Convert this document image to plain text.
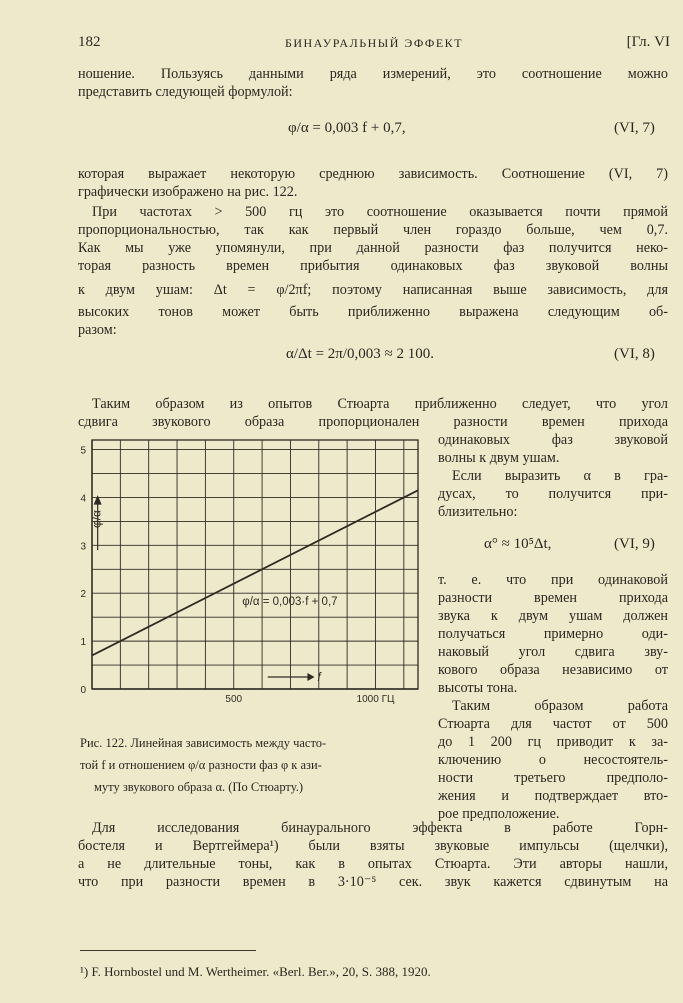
182	БИНАУРАЛЬНЫЙ ЭФФЕКТ	[Гл. VI
ношение. Пользуясь данными ряда измерений, это соотношение можно
представить следующей формулой:
φ/α = 0,003 f + 0,7,	(VI, 7)
которая выражает некоторую среднюю зависимость. Соотношение (VI, 7)
графически изображено на рис. 122.
При частотах > 500 гц это соотношение оказывается почти прямой
пропорциональностью, так как первый член гораздо больше, чем 0,7.
Как мы уже упомянули, при данной разности фаз получится неко-
торая разность времен прибытия одинаковых фаз звуковой волны
к двум ушам: Δt = φ/2πf; поэтому написанная выше зависимость, для
высоких тонов может быть приближенно выражена следующим об-
разом:
α/Δt = 2π/0,003 ≈ 2 100.	(VI, 8)
Таким образом из опытов Стюарта приближенно следует, что угол
сдвига звукового образа пропорционален разности времен прихода
одинаковых фаз звуковой
волны к двум ушам.
Если выразить α в гра-
дусах, то получится при-
близительно:
α° ≈ 10⁵Δt,	(VI, 9)
т. е. что при одинаковой
разности времен прихода
звука к двум ушам должен
получаться примерно оди-
наковый угол сдвига зву-
кового образа независимо от
высоты тона.
Таким образом работа
Стюарта для частот от 500
до 1 200 гц приводит к за-
ключению о несостоятель-
ности третьего предполо-
жения и подтверждает вто-
рое предположение.
0
1
2
3
4
5
500	1000 ГЦ
φ/α
f
φ/α = 0,003·f + 0,7
Рис. 122. Линейная зависимость между часто-
той f и отношением φ/α разности фаз φ к ази-
муту звукового образа α. (По Стюарту.)
Для исследования бинаурального эффекта в работе Горн-
бостеля и Вертгеймера¹) были взяты звуковые импульсы (щелчки),
а не длительные тоны, как в опытах Стюарта. Эти авторы нашли,
что при разности времен в 3·10⁻⁵ сек. звук кажется сдвинутым на
¹) F. Hornbostel und M. Wertheimer. «Berl. Ber.», 20, S. 388, 1920.
